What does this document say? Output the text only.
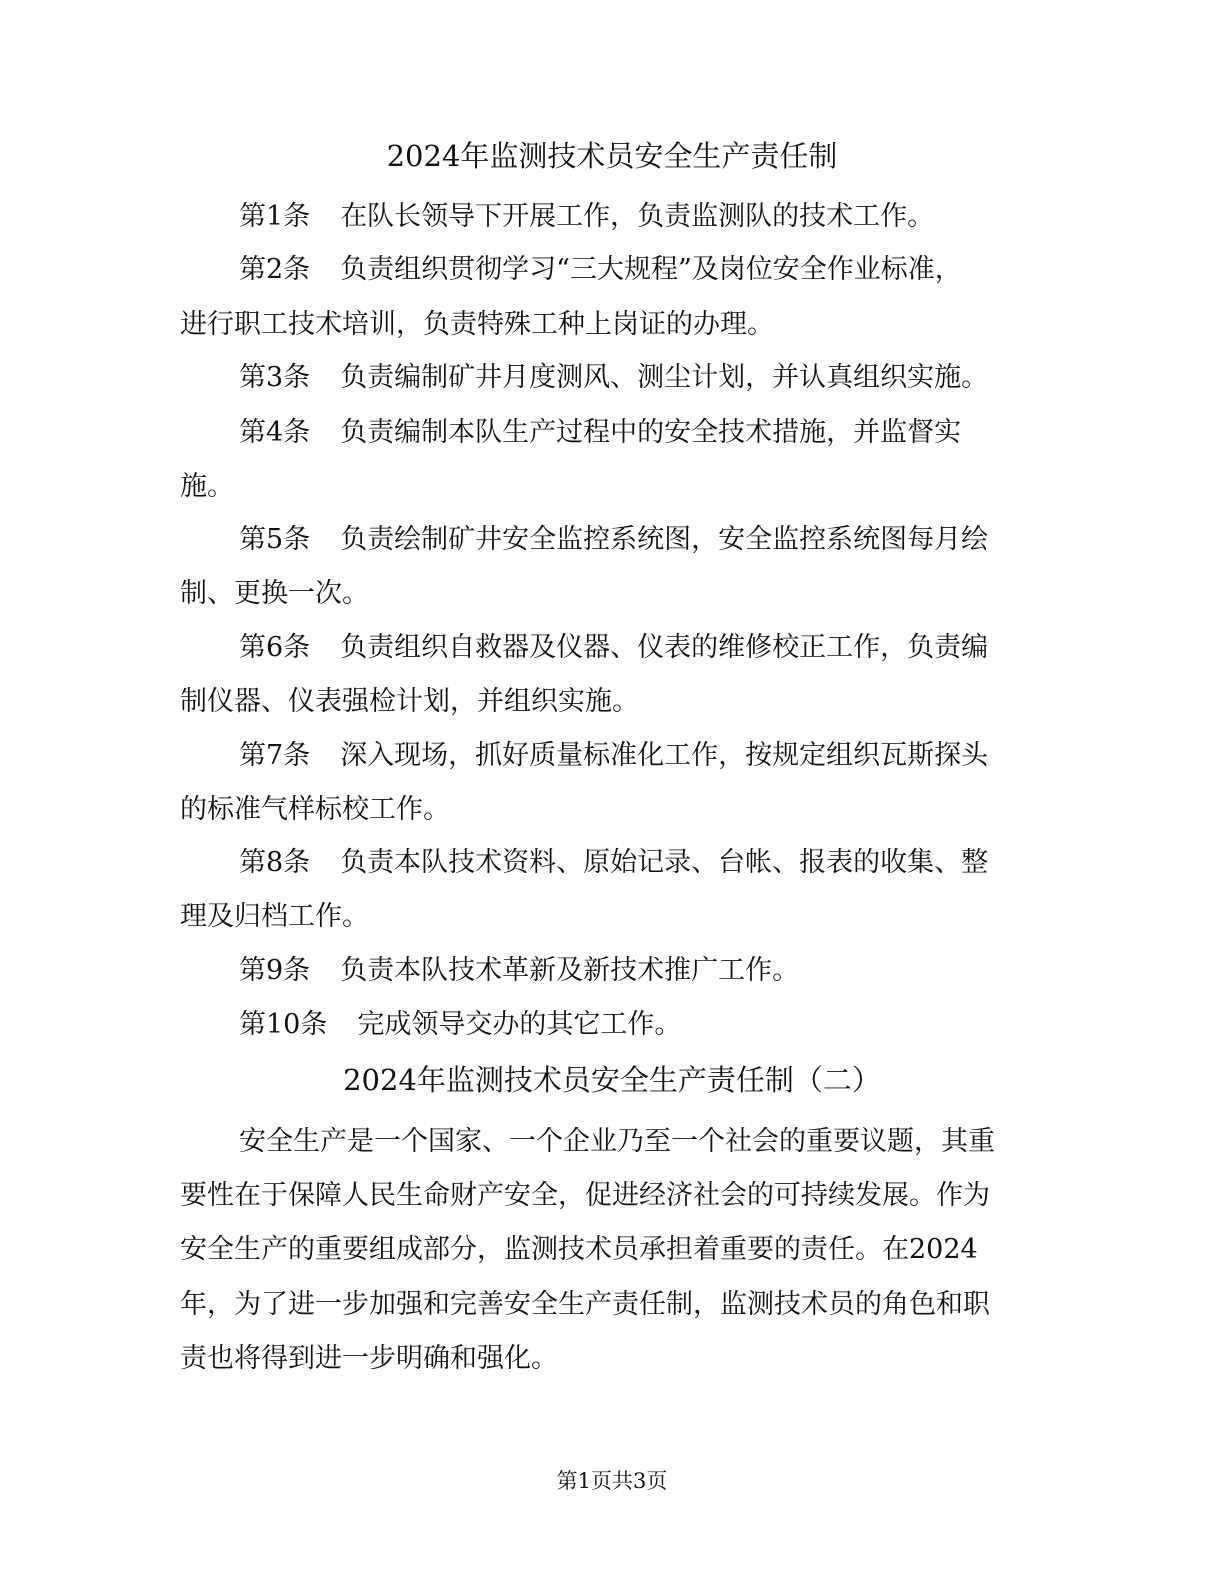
2024年监测技术员安全生产责任制
第1条 在队长领导下开展工作，负责监测队的技术工作。
第2条 负责组织贯彻学习“三大规程”及岗位安全作业标准，
进行职工技术培训，负责特殊工种上岗证的办理。
第3条 负责编制矿井月度测风、测尘计划，并认真组织实施。
第4条 负责编制本队生产过程中的安全技术措施，并监督实
施。
第5条 负责绘制矿井安全监控系统图，安全监控系统图每月绘
制、更换一次。
第6条 负责组织自救器及仪器、仪表的维修校正工作，负责编
制仪器、仪表强检计划，并组织实施。
第7条 深入现场，抓好质量标准化工作，按规定组织瓦斯探头
的标准气样标校工作。
第8条 负责本队技术资料、原始记录、台帐、报表的收集、整
理及归档工作。
第9条 负责本队技术革新及新技术推广工作。
第10条 完成领导交办的其它工作。
2024年监测技术员安全生产责任制（二）
安全生产是一个国家、一个企业乃至一个社会的重要议题，其重
要性在于保障人民生命财产安全，促进经济社会的可持续发展。作为
安全生产的重要组成部分，监测技术员承担着重要的责任。在2024
年，为了进一步加强和完善安全生产责任制，监测技术员的角色和职
责也将得到进一步明确和强化。
第1页共3页
